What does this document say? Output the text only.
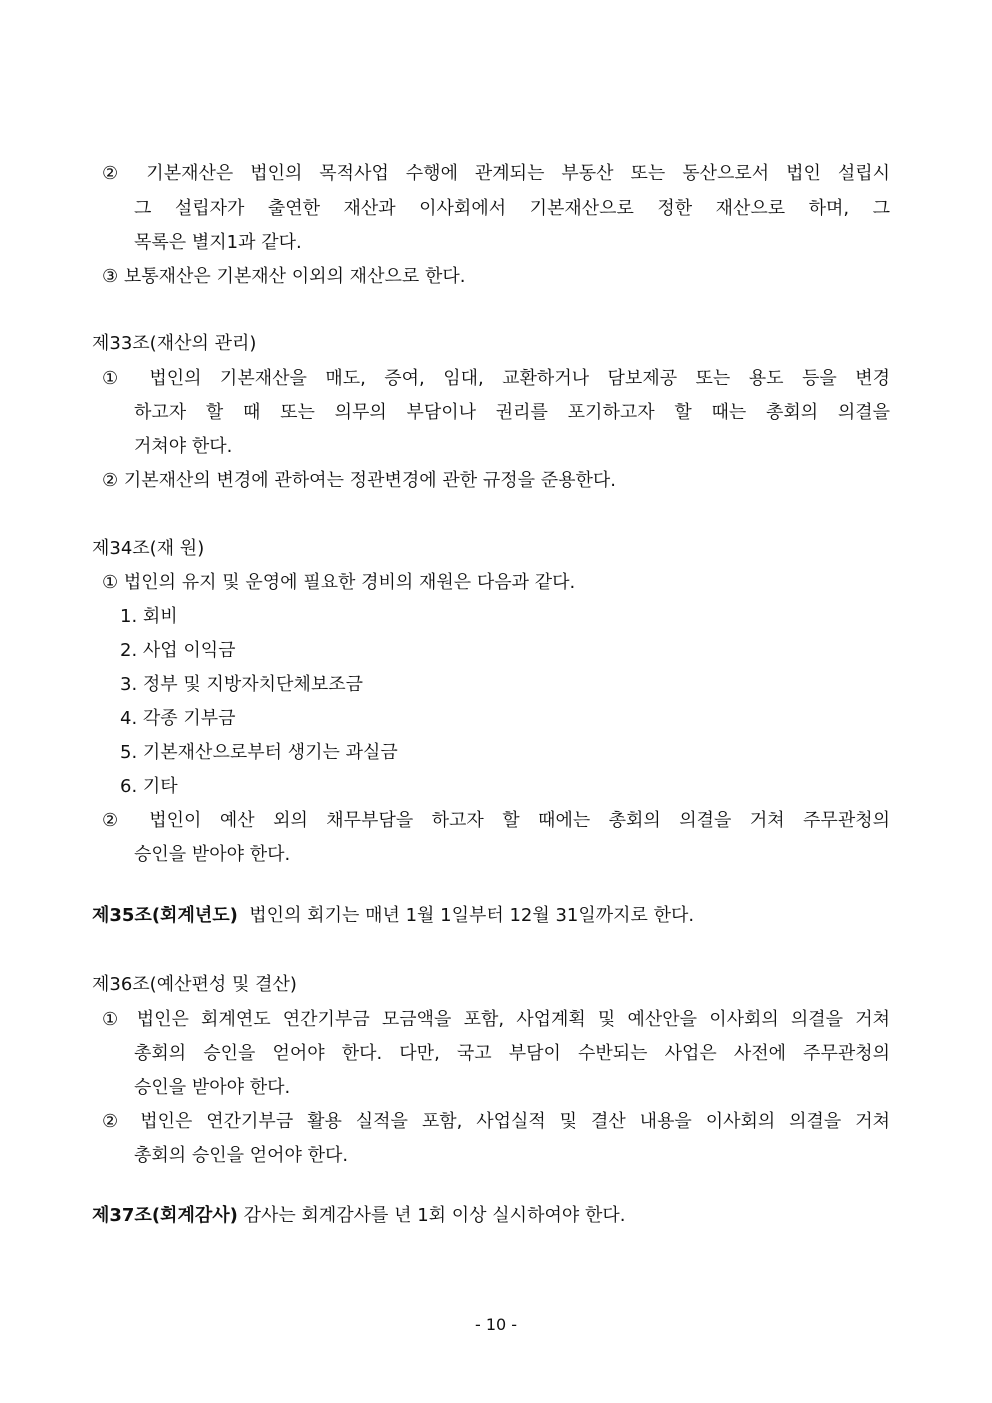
② 기본재산은 법인의 목적사업 수행에 관계되는 부동산 또는 동산으로서 법인 설립시
그 설립자가 출연한 재산과 이사회에서 기본재산으로 정한 재산으로 하며, 그
목록은 별지1과 같다.
③ 보통재산은 기본재산 이외의 재산으로 한다.
제33조(재산의 관리)
① 법인의 기본재산을 매도, 증여, 임대, 교환하거나 담보제공 또는 용도 등을 변경
하고자 할 때 또는 의무의 부담이나 권리를 포기하고자 할 때는 총회의 의결을
거쳐야 한다.
② 기본재산의 변경에 관하여는 정관변경에 관한 규정을 준용한다.
제34조(재 원)
① 법인의 유지 및 운영에 필요한 경비의 재원은 다음과 같다.
1. 회비
2. 사업 이익금
3. 정부 및 지방자치단체보조금
4. 각종 기부금
5. 기본재산으로부터 생기는 과실금
6. 기타
② 법인이 예산 외의 채무부담을 하고자 할 때에는 총회의 의결을 거쳐 주무관청의
승인을 받아야 한다.
제35조(회계년도) 법인의 회기는 매년 1월 1일부터 12월 31일까지로 한다.
제36조(예산편성 및 결산)
① 법인은 회계연도 연간기부금 모금액을 포함, 사업계획 및 예산안을 이사회의 의결을 거쳐
총회의 승인을 얻어야 한다. 다만, 국고 부담이 수반되는 사업은 사전에 주무관청의
승인을 받아야 한다.
② 법인은 연간기부금 활용 실적을 포함, 사업실적 및 결산 내용을 이사회의 의결을 거쳐
총회의 승인을 얻어야 한다.
제37조(회계감사) 감사는 회계감사를 년 1회 이상 실시하여야 한다.
- 10 -
